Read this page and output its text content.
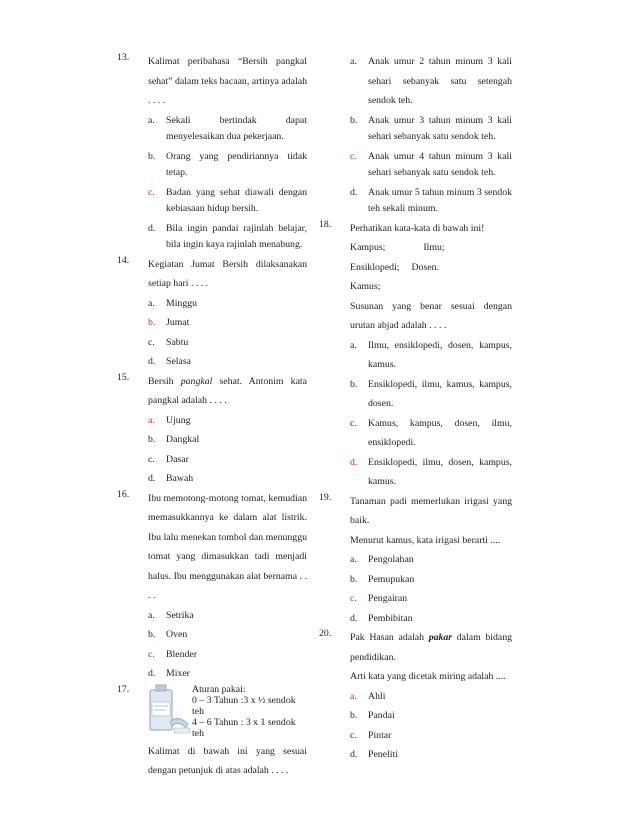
13. Kalimat peribahasa “Bersih pangkal sehat” dalam teks bacaan, artinya adalah . . . .
a. Sekali bertindak dapat menyelesaikan dua pekerjaan.
b. Orang yang pendiriannya tidak tetap.
c. Badan yang sehat diawali dengan kebiasaan hidup bersih.
d. Bila ingin pandai rajinlah belajar, bila ingin kaya rajinlah menabung.
14. Kegiatan Jumat Bersih dilaksanakan setiap hari . . . .
a. Minggu
b. Jumat
c. Sabtu
d. Selasa
15. Bersih pangkal sehat. Antonim kata pangkal adalah . . . .
a. Ujung
b. Dangkal
c. Dasar
d. Bawah
16. Ibu memotong-motong tomat, kemudian memasukkannya ke dalam alat listrik. Ibu lalu menekan tombol dan menunggu tomat yang dimasukkan tadi menjadi halus. Ibu menggunakan alat bernama . . . .
a. Setrika
b. Oven
c. Blender
d. Mixer
17.	Aturan pakai:
0 – 3 Tahun :3 x ½ sendok teh
4 – 6 Tahun : 3 x 1 sendok teh
Kalimat di bawah ini yang sesuai dengan petunjuk di atas adalah . . . .
a. Anak umur 2 tahun minum 3 kali sehari sebanyak satu setengah sendok teh.
b. Anak umur 3 tahun minum 3 kali sehari sebanyak satu sendok teh.
c. Anak umur 4 tahun minum 3 kali sehari sebanyak satu sendok teh.
d. Anak umur 5 tahun minum 3 sendok teh sekali minum.
18. Perhatikan kata-kata di bawah ini!
Kampus;	Ilmu;
Ensiklopedi; Dosen.
Kamus;
Susunan yang benar sesuai dengan urutan abjad adalah . . . .
a. Ilmu, ensiklopedi, dosen, kampus, kamus.
b. Ensiklopedi, ilmu, kamus, kampus, dosen.
c. Kamus, kampus, dosen, ilmu, ensiklopedi.
d. Ensiklopedi, ilmu, dosen, kampus, kamus.
19. Tanaman padi memerlukan irigasi yang baik.
Menurut kamus, kata irigasi berarti ....
a. Pengolahan
b. Pemupukan
c. Pengairan
d. Pembibitan
20. Pak Hasan adalah pakar dalam bidang pendidikan.
Arti kata yang dicetak miring adalah ....
a. Ahli
b. Pandai
c. Pintar
d. Peneliti
